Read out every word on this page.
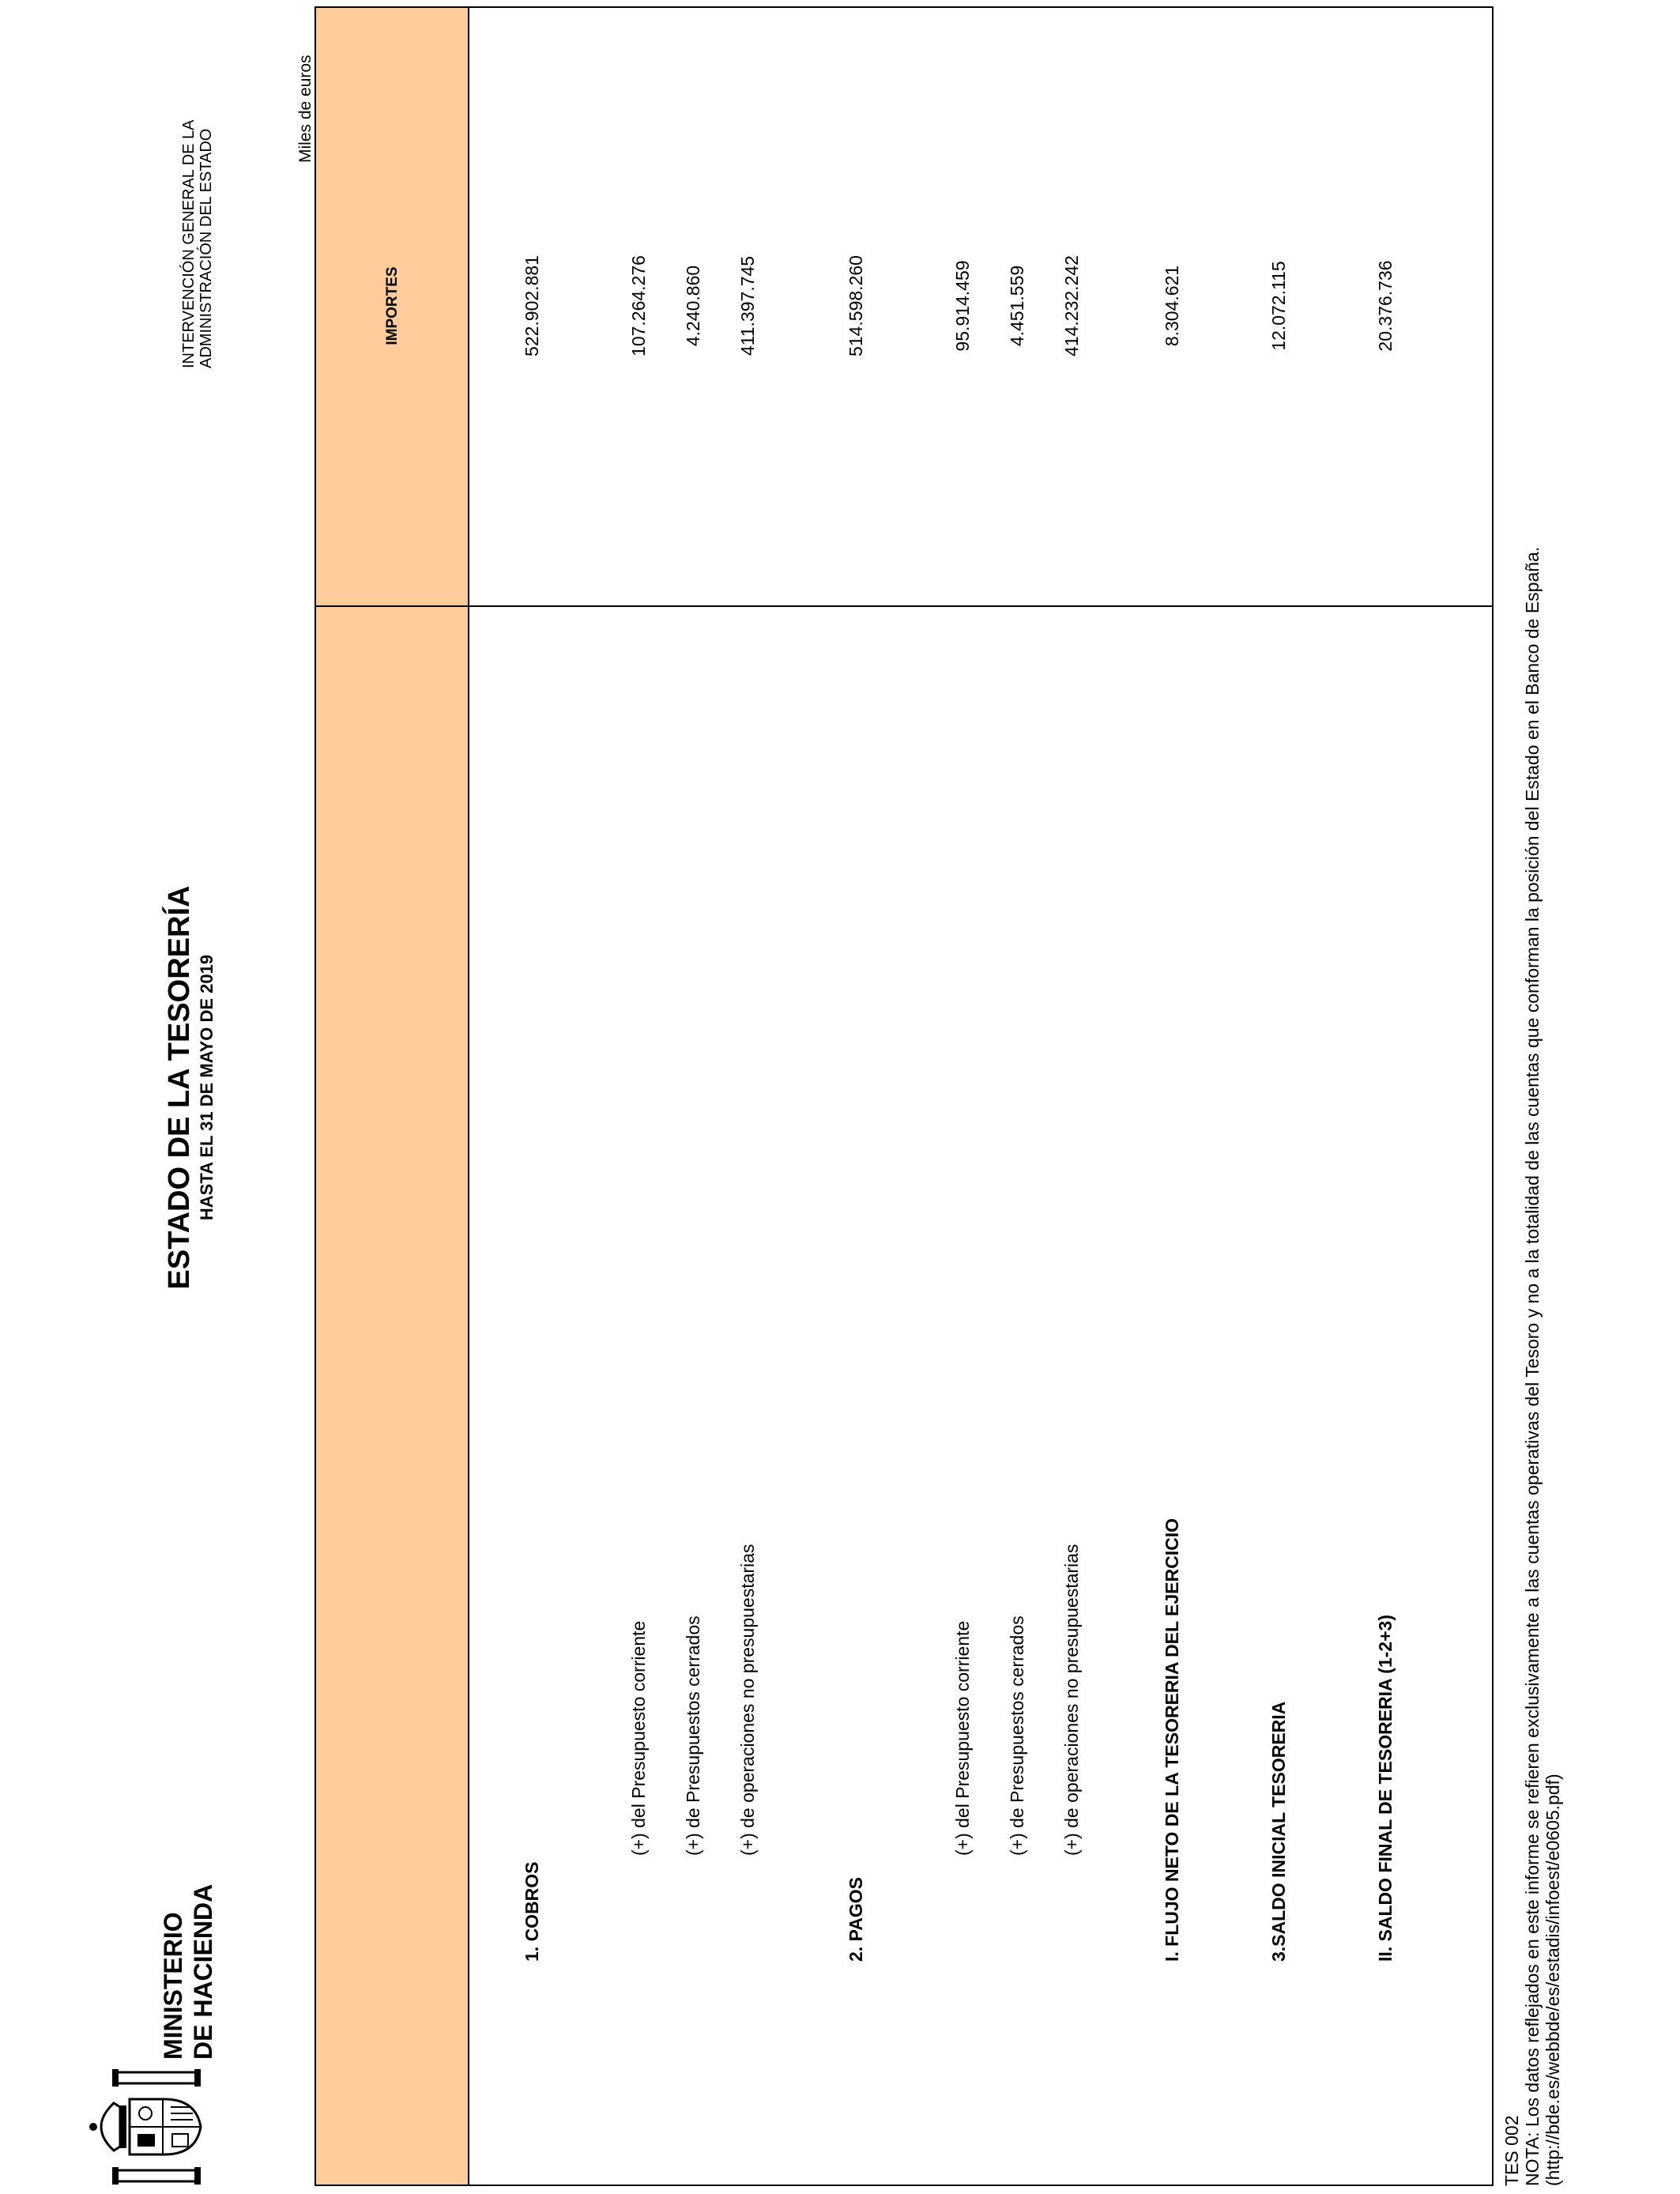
MINISTERIO DE HACIENDA
ESTADO DE LA TESORERÍA HASTA EL 31 DE MAYO DE 2019
INTERVENCIÓN GENERAL DE LA ADMINISTRACIÓN DEL ESTADO
Miles de euros
IMPORTES
1. COBROS
522.902.881
(+) del Presupuesto corriente
107.264.276
(+) de Presupuestos cerrados
4.240.860
(+) de operaciones no presupuestarias
411.397.745
2. PAGOS
514.598.260
(+) del Presupuesto corriente
95.914.459
(+) de Presupuestos cerrados
4.451.559
(+) de operaciones no presupuestarias
414.232.242
I. FLUJO NETO DE LA TESORERIA DEL EJERCICIO
8.304.621
3.SALDO INICIAL TESORERIA
12.072.115
II. SALDO FINAL DE TESORERIA (1-2+3)
20.376.736
TES 002 NOTA: Los datos reflejados en este informe se refieren exclusivamente a las cuentas operativas del Tesoro y no a la totalidad de las cuentas que conforman la posición del Estado en el Banco de España. (http://bde.es/webbde/es/estadis/infoest/e0605.pdf)
